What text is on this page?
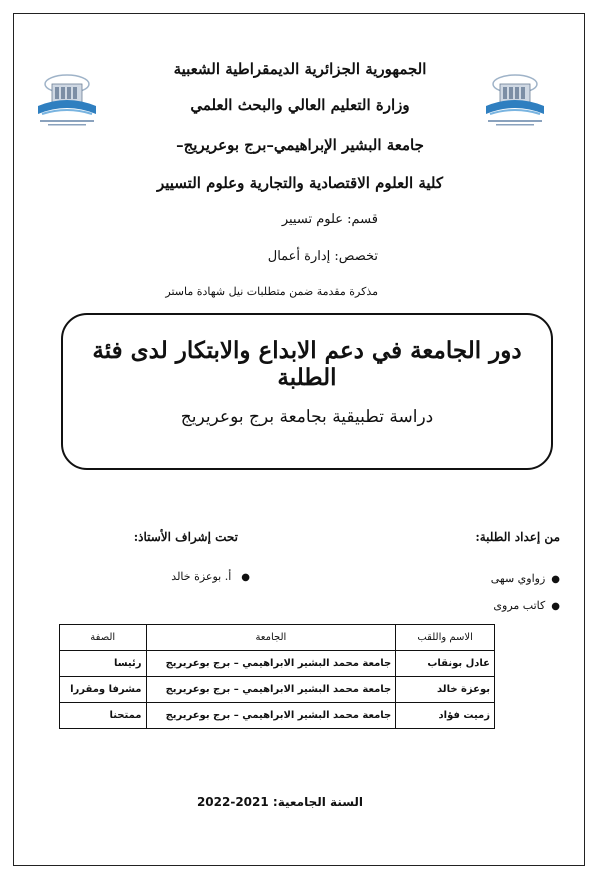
الجمهورية الجزائرية الديمقراطية الشعبية
وزارة التعليم العالي والبحث العلمي
جامعة البشير الإبراهيمي–برج بوعريريج–
كلية العلوم الاقتصادية والتجارية وعلوم التسيير
قسم: علوم تسيير
تخصص: إدارة أعمال
مذكرة مقدمة ضمن متطلبات نيل شهادة ماستر
دور الجامعة في دعم الابداع والابتكار لدى فئة الطلبة
دراسة تطبيقية بجامعة برج بوعريريج
من إعداد الطلبة:
●زواوي سهى
●كاتب مروى
تحت إشراف الأستاذ:
●أ. بوعزة خالد
الاسم واللقب	الجامعة	الصفة
عادل بونقاب	جامعة محمد البشير الابراهيمي – برج بوعريريج	رئيسا
بوعزة خالد	جامعة محمد البشير الابراهيمي – برج بوعريريج	مشرفا ومقررا
زميت فؤاد	جامعة محمد البشير الابراهيمي – برج بوعريريج	ممتحنا
السنة الجامعية: 2021-2022
